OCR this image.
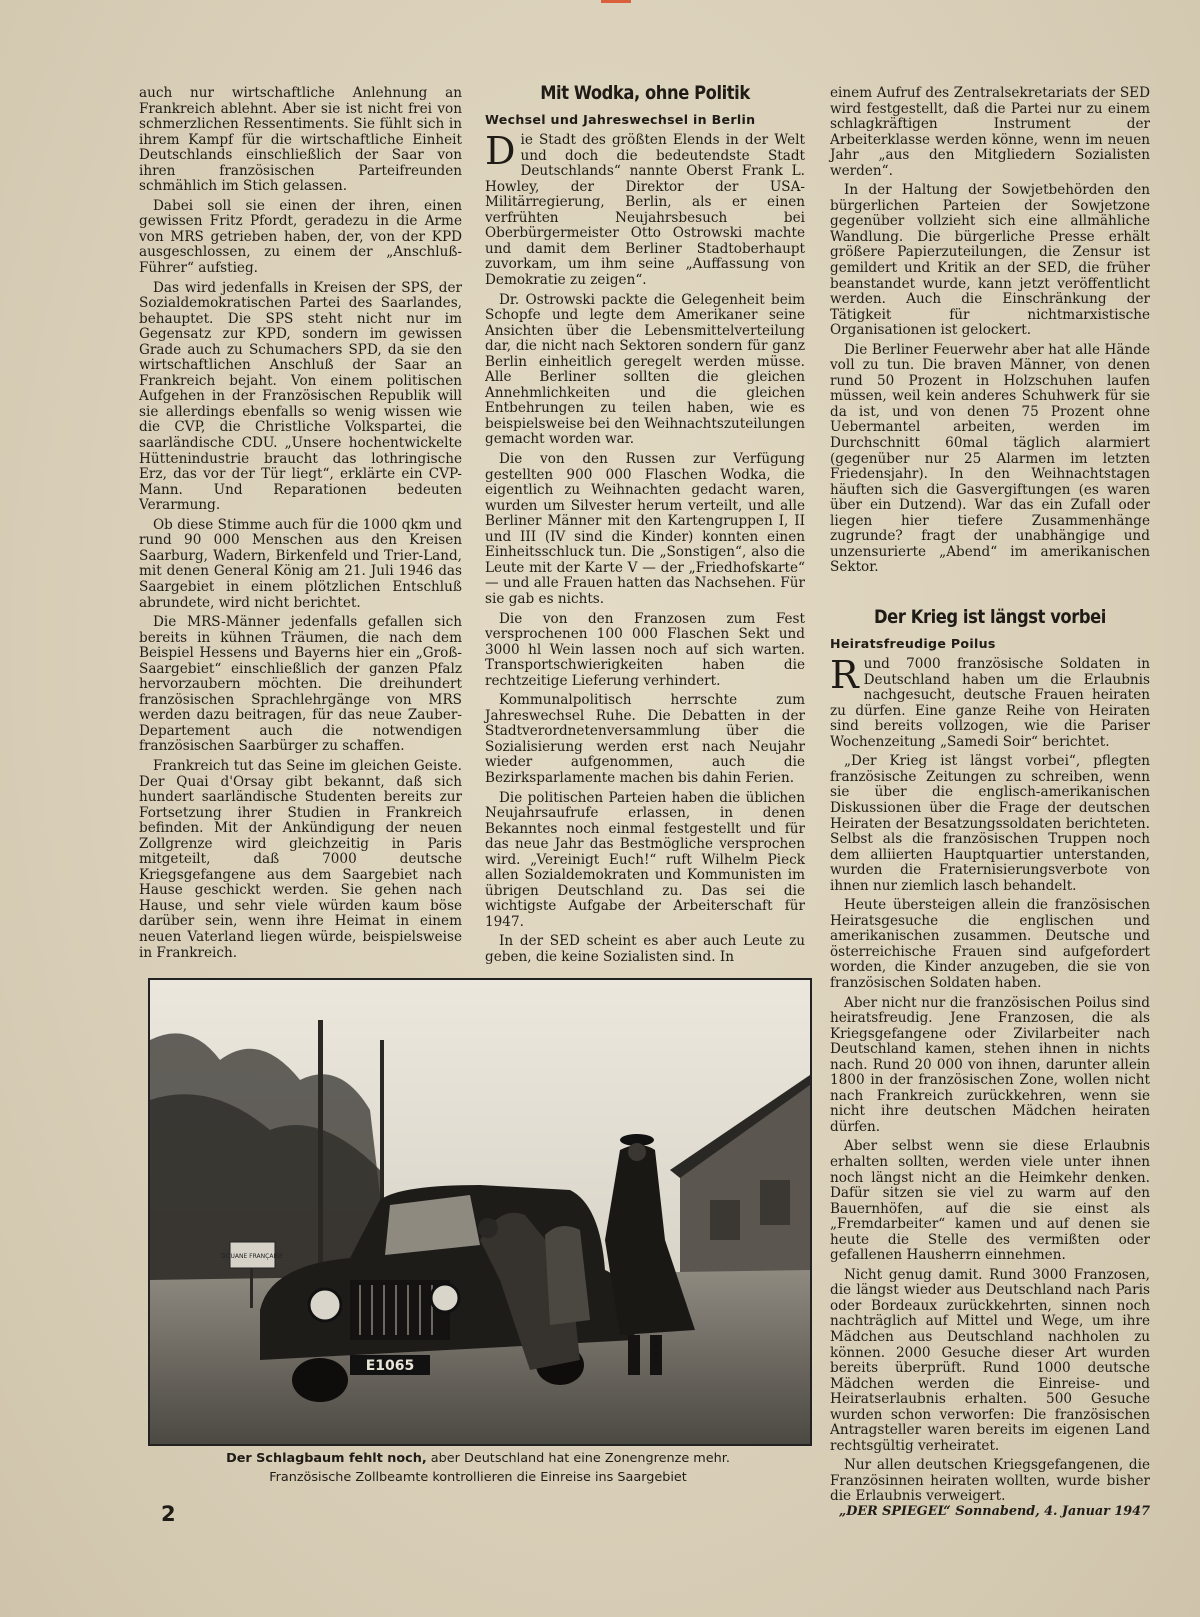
auch nur wirtschaftliche Anlehnung an Frankreich ablehnt. Aber sie ist nicht frei von schmerzlichen Ressentiments. Sie fühlt sich in ihrem Kampf für die wirtschaftliche Einheit Deutschlands einschließlich der Saar von ihren französischen Parteifreunden schmählich im Stich gelassen.

Dabei soll sie einen der ihren, einen gewissen Fritz Pfordt, geradezu in die Arme von MRS getrieben haben, der, von der KPD ausgeschlossen, zu einem der „Anschluß-Führer“ aufstieg.

Das wird jedenfalls in Kreisen der SPS, der Sozialdemokratischen Partei des Saarlandes, behauptet. Die SPS steht nicht nur im Gegensatz zur KPD, sondern im gewissen Grade auch zu Schumachers SPD, da sie den wirtschaftlichen Anschluß der Saar an Frankreich bejaht. Von einem politischen Aufgehen in der Französischen Republik will sie allerdings ebenfalls so wenig wissen wie die CVP, die Christliche Volkspartei, die saarländische CDU. „Unsere hochentwickelte Hüttenindustrie braucht das lothringische Erz, das vor der Tür liegt“, erklärte ein CVP-Mann. Und Reparationen bedeuten Verarmung.

Ob diese Stimme auch für die 1000 qkm und rund 90 000 Menschen aus den Kreisen Saarburg, Wadern, Birkenfeld und Trier-Land, mit denen General König am 21. Juli 1946 das Saargebiet in einem plötzlichen Entschluß abrundete, wird nicht berichtet.

Die MRS-Männer jedenfalls gefallen sich bereits in kühnen Träumen, die nach dem Beispiel Hessens und Bayerns hier ein „Groß-Saargebiet“ einschließlich der ganzen Pfalz hervorzaubern möchten. Die dreihundert französischen Sprachlehrgänge von MRS werden dazu beitragen, für das neue Zauber-Departement auch die notwendigen französischen Saarbürger zu schaffen.

Frankreich tut das Seine im gleichen Geiste. Der Quai d'Orsay gibt bekannt, daß sich hundert saarländische Studenten bereits zur Fortsetzung ihrer Studien in Frankreich befinden. Mit der Ankündigung der neuen Zollgrenze wird gleichzeitig in Paris mitgeteilt, daß 7000 deutsche Kriegsgefangene aus dem Saargebiet nach Hause geschickt werden. Sie gehen nach Hause, und sehr viele würden kaum böse darüber sein, wenn ihre Heimat in einem neuen Vaterland liegen würde, beispielsweise in Frankreich.

Mit Wodka, ohne Politik
Wechsel und Jahreswechsel in Berlin

Die Stadt des größten Elends in der Welt und doch die bedeutendste Stadt Deutschlands“ nannte Oberst Frank L. Howley, der Direktor der USA-Militärregierung, Berlin, als er einen verfrühten Neujahrsbesuch bei Oberbürgermeister Otto Ostrowski machte und damit dem Berliner Stadtoberhaupt zuvorkam, um ihm seine „Auffassung von Demokratie zu zeigen“.

Dr. Ostrowski packte die Gelegenheit beim Schopfe und legte dem Amerikaner seine Ansichten über die Lebensmittelverteilung dar, die nicht nach Sektoren sondern für ganz Berlin einheitlich geregelt werden müsse. Alle Berliner sollten die gleichen Annehmlichkeiten und die gleichen Entbehrungen zu teilen haben, wie es beispielsweise bei den Weihnachtszuteilungen gemacht worden war.

Die von den Russen zur Verfügung gestellten 900 000 Flaschen Wodka, die eigentlich zu Weihnachten gedacht waren, wurden um Silvester herum verteilt, und alle Berliner Männer mit den Kartengruppen I, II und III (IV sind die Kinder) konnten einen Einheitsschluck tun. Die „Sonstigen“, also die Leute mit der Karte V — der „Friedhofskarte“ — und alle Frauen hatten das Nachsehen. Für sie gab es nichts.

Die von den Franzosen zum Fest versprochenen 100 000 Flaschen Sekt und 3000 hl Wein lassen noch auf sich warten. Transportschwierigkeiten haben die rechtzeitige Lieferung verhindert.

Kommunalpolitisch herrschte zum Jahreswechsel Ruhe. Die Debatten in der Stadtverordnetenversammlung über die Sozialisierung werden erst nach Neujahr wieder aufgenommen, auch die Bezirksparlamente machen bis dahin Ferien.

Die politischen Parteien haben die üblichen Neujahrsaufrufe erlassen, in denen Bekanntes noch einmal festgestellt und für das neue Jahr das Bestmögliche versprochen wird. „Vereinigt Euch!“ ruft Wilhelm Pieck allen Sozialdemokraten und Kommunisten im übrigen Deutschland zu. Das sei die wichtigste Aufgabe der Arbeiterschaft für 1947.

In der SED scheint es aber auch Leute zu geben, die keine Sozialisten sind. In

einem Aufruf des Zentralsekretariats der SED wird festgestellt, daß die Partei nur zu einem schlagkräftigen Instrument der Arbeiterklasse werden könne, wenn im neuen Jahr „aus den Mitgliedern Sozialisten werden“.

In der Haltung der Sowjetbehörden den bürgerlichen Parteien der Sowjetzone gegenüber vollzieht sich eine allmähliche Wandlung. Die bürgerliche Presse erhält größere Papierzuteilungen, die Zensur ist gemildert und Kritik an der SED, die früher beanstandet wurde, kann jetzt veröffentlicht werden. Auch die Einschränkung der Tätigkeit für nichtmarxistische Organisationen ist gelockert.

Die Berliner Feuerwehr aber hat alle Hände voll zu tun. Die braven Männer, von denen rund 50 Prozent in Holzschuhen laufen müssen, weil kein anderes Schuhwerk für sie da ist, und von denen 75 Prozent ohne Uebermantel arbeiten, werden im Durchschnitt 60mal täglich alarmiert (gegenüber nur 25 Alarmen im letzten Friedensjahr). In den Weihnachtstagen häuften sich die Gasvergiftungen (es waren über ein Dutzend). War das ein Zufall oder liegen hier tiefere Zusammenhänge zugrunde? fragt der unabhängige und unzensurierte „Abend“ im amerikanischen Sektor.

Der Krieg ist längst vorbei
Heiratsfreudige Poilus

Rund 7000 französische Soldaten in Deutschland haben um die Erlaubnis nachgesucht, deutsche Frauen heiraten zu dürfen. Eine ganze Reihe von Heiraten sind bereits vollzogen, wie die Pariser Wochenzeitung „Samedi Soir“ berichtet.

„Der Krieg ist längst vorbei“, pflegten französische Zeitungen zu schreiben, wenn sie über die englisch-amerikanischen Diskussionen über die Frage der deutschen Heiraten der Besatzungssoldaten berichteten. Selbst als die französischen Truppen noch dem alliierten Hauptquartier unterstanden, wurden die Fraternisierungsverbote von ihnen nur ziemlich lasch behandelt.

Heute übersteigen allein die französischen Heiratsgesuche die englischen und amerikanischen zusammen. Deutsche und österreichische Frauen sind aufgefordert worden, die Kinder anzugeben, die sie von französischen Soldaten haben.

Aber nicht nur die französischen Poilus sind heiratsfreudig. Jene Franzosen, die als Kriegsgefangene oder Zivilarbeiter nach Deutschland kamen, stehen ihnen in nichts nach. Rund 20 000 von ihnen, darunter allein 1800 in der französischen Zone, wollen nicht nach Frankreich zurückkehren, wenn sie nicht ihre deutschen Mädchen heiraten dürfen.

Aber selbst wenn sie diese Erlaubnis erhalten sollten, werden viele unter ihnen noch längst nicht an die Heimkehr denken. Dafür sitzen sie viel zu warm auf den Bauernhöfen, auf die sie einst als „Fremdarbeiter“ kamen und auf denen sie heute die Stelle des vermißten oder gefallenen Hausherrn einnehmen.

Nicht genug damit. Rund 3000 Franzosen, die längst wieder aus Deutschland nach Paris oder Bordeaux zurückkehrten, sinnen noch nachträglich auf Mittel und Wege, um ihre Mädchen aus Deutschland nachholen zu können. 2000 Gesuche dieser Art wurden bereits überprüft. Rund 1000 deutsche Mädchen werden die Einreise- und Heiratserlaubnis erhalten. 500 Gesuche wurden schon verworfen: Die französischen Antragsteller waren bereits im eigenen Land rechtsgültig verheiratet.

Nur allen deutschen Kriegsgefangenen, die Französinnen heiraten wollten, wurde bisher die Erlaubnis verweigert.

DOUANE FRANÇAISE
E1065
Der Schlagbaum fehlt noch, aber Deutschland hat eine Zonengrenze mehr.
Französische Zollbeamte kontrollieren die Einreise ins Saargebiet
2	„DER SPIEGEL“ Sonnabend, 4. Januar 1947
